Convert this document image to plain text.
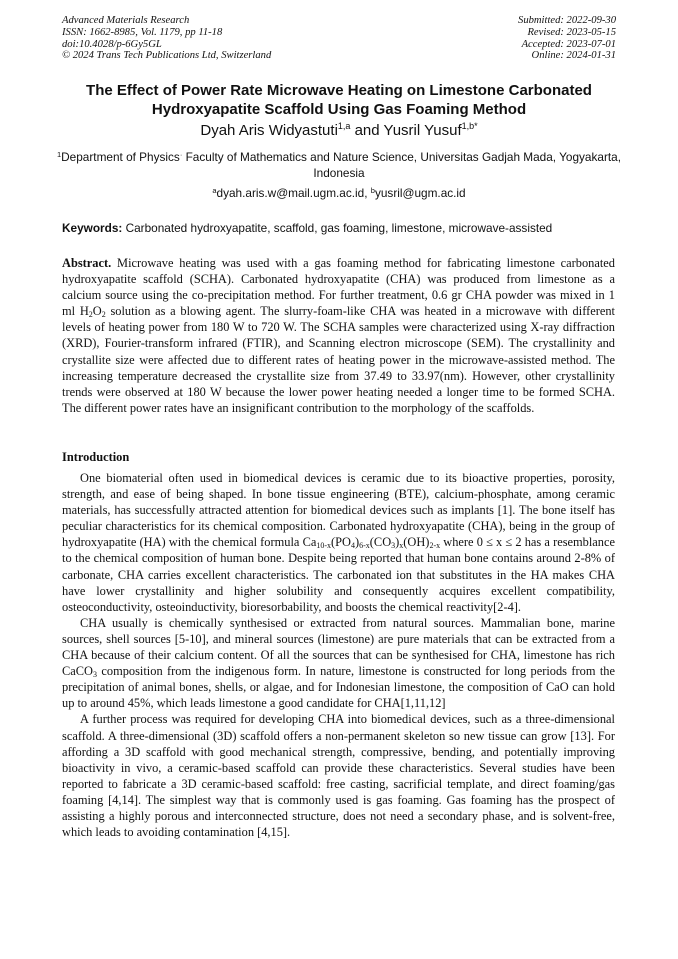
Advanced Materials Research
ISSN: 1662-8985, Vol. 1179, pp 11-18
doi:10.4028/p-6Gy5GL
© 2024 Trans Tech Publications Ltd, Switzerland
Submitted: 2022-09-30
Revised: 2023-05-15
Accepted: 2023-07-01
Online: 2024-01-31
The Effect of Power Rate Microwave Heating on Limestone Carbonated
Hydroxyapatite Scaffold Using Gas Foaming Method

Dyah Aris Widyastuti$^{1,a}$ and Yusril Yusuf$^{1,b*}$

$^1$Department of Physics· Faculty of Mathematics and Nature Science, Universitas Gadjah Mada, Yogyakarta, Indonesia

$^a$dyah.aris.w@mail.ugm.ac.id, $^b$yusril@ugm.ac.id

Keywords: Carbonated hydroxyapatite, scaffold, gas foaming, limestone, microwave-assisted

Abstract. Microwave heating was used with a gas foaming method for fabricating limestone carbonated hydroxyapatite scaffold (SCHA). Carbonated hydroxyapatite (CHA) was produced from limestone as a calcium source using the co-precipitation method. For further treatment, 0.6 gr CHA powder was mixed in 1 ml $H_2O_2$ solution as a blowing agent. The slurry-foam-like CHA was heated in a microwave with different levels of heating power from 180 W to 720 W. The SCHA samples were characterized using X-ray diffraction (XRD), Fourier-transform infrared (FTIR), and Scanning electron microscope (SEM). The crystallinity and crystallite size were affected due to different rates of heating power in the microwave-assisted method. The increasing temperature decreased the crystallite size from 37.49 to 33.97(nm). However, other crystallinity trends were observed at 180 W because the lower power heating needed a longer time to be formed SCHA. The different power rates have an insignificant contribution to the morphology of the scaffolds.

Introduction

One biomaterial often used in biomedical devices is ceramic due to its bioactive properties, porosity, strength, and ease of being shaped. In bone tissue engineering (BTE), calcium-phosphate, among ceramic materials, has successfully attracted attention for biomedical devices such as implants [1]. The bone itself has peculiar characteristics for its chemical composition. Carbonated hydroxyapatite (CHA), being in the group of hydroxyapatite (HA) with the chemical formula $Ca_{10-x}(PO_4)_{6-x}(CO_3)_x(OH)_{2-x}$ where 0 ≤ x ≤ 2 has a resemblance to the chemical composition of human bone. Despite being reported that human bone contains around 2-8% of carbonate, CHA carries excellent characteristics. The carbonated ion that substitutes in the HA makes CHA have lower crystallinity and higher solubility and consequently acquires excellent compatibility, osteoconductivity, osteoinductivity, bioresorbability, and boosts the chemical reactivity[2-4].

CHA usually is chemically synthesised or extracted from natural sources. Mammalian bone, marine sources, shell sources [5-10], and mineral sources (limestone) are pure materials that can be extracted from a CHA because of their calcium content. Of all the sources that can be synthesised for CHA, limestone has rich CaCO$_3$ composition from the indigenous form. In nature, limestone is constructed for long periods from the precipitation of animal bones, shells, or algae, and for Indonesian limestone, the composition of CaO can hold up to around 45%, which leads limestone a good candidate for CHA[1,11,12]

A further process was required for developing CHA into biomedical devices, such as a three-dimensional scaffold. A three-dimensional (3D) scaffold offers a non-permanent skeleton so new tissue can grow [13]. For affording a 3D scaffold with good mechanical strength, compressive, bending, and potentially improving bioactivity in vivo, a ceramic-based scaffold can provide these characteristics. Several studies have been reported to fabricate a 3D ceramic-based scaffold: free casting, sacrificial template, and direct foaming/gas foaming [4,14]. The simplest way that is commonly used is gas foaming. Gas foaming has the prospect of assisting a highly porous and interconnected structure, does not need a secondary phase, and is solvent-free, which leads to avoiding contamination [4,15].
